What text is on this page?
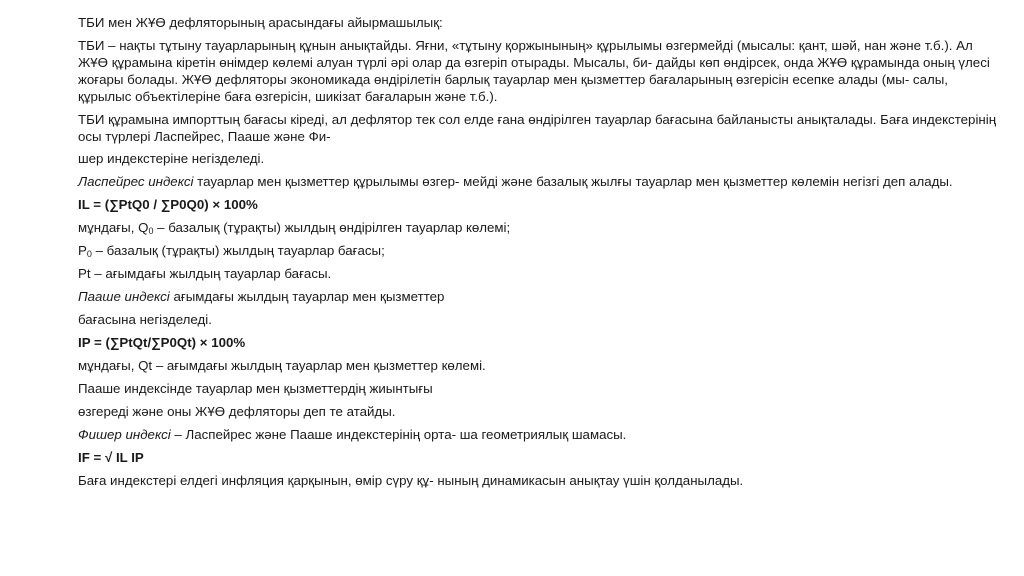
ТБИ мен ЖҰӨ дефляторының арасындағы айырмашылық:

ТБИ – нақты тұтыну тауарларының құнын анықтайды. Яғни, «тұтыну қоржынының» құрылымы өзгермейді (мысалы: қант, шәй, нан және т.б.). Ал ЖҰӨ құрамына кіретін өнімдер көлемі алуан түрлі әрі олар да өзгеріп отырады. Мысалы, би- дайды көп өндірсек, онда ЖҰӨ құрамында оның үлесі жоғары болады. ЖҰӨ дефляторы экономикада өндірілетін барлық тауарлар мен қызметтер бағаларының өзгерісін есепке алады (мы- салы, құрылыс объектілеріне баға өзгерісін, шикізат бағаларын және т.б.).

ТБИ құрамына импорттың бағасы кіреді, ал дефлятор тек сол елде ғана өндірілген тауарлар бағасына байланысты анықталады. Баға индекстерінің осы түрлері Ласпейрес, Пааше және Фи-

шер индекстеріне негізделеді.

Ласпейрес индексі тауарлар мен қызметтер құрылымы өзгер- мейді және базалық жылғы тауарлар мен қызметтер көлемін негізгі деп алады.

IL = (∑PtQ0 / ∑P0Q0) × 100%

мұндағы, $Q_0$ – базалық (тұрақты) жылдың өндірілген тауарлар көлемі;

$P_0$ – базалық (тұрақты) жылдың тауарлар бағасы;

Pt – ағымдағы жылдың тауарлар бағасы.

Пааше индексі ағымдағы жылдың тауарлар мен қызметтер

бағасына негізделеді.

IP = (∑PtQt/∑P0Qt) × 100%

мұндағы, Qt – ағымдағы жылдың тауарлар мен қызметтер көлемі.

Пааше индексінде тауарлар мен қызметтердің жиынтығы

өзгереді және оны ЖҰӨ дефляторы деп те атайды.

Фишер индексі – Ласпейрес және Пааше индекстерінің орта- ша геометриялық шамасы.

IF = √ IL IP

Баға индекстері елдегі инфляция қарқынын, өмір сүру құ- нының динамикасын анықтау үшін қолданылады.
